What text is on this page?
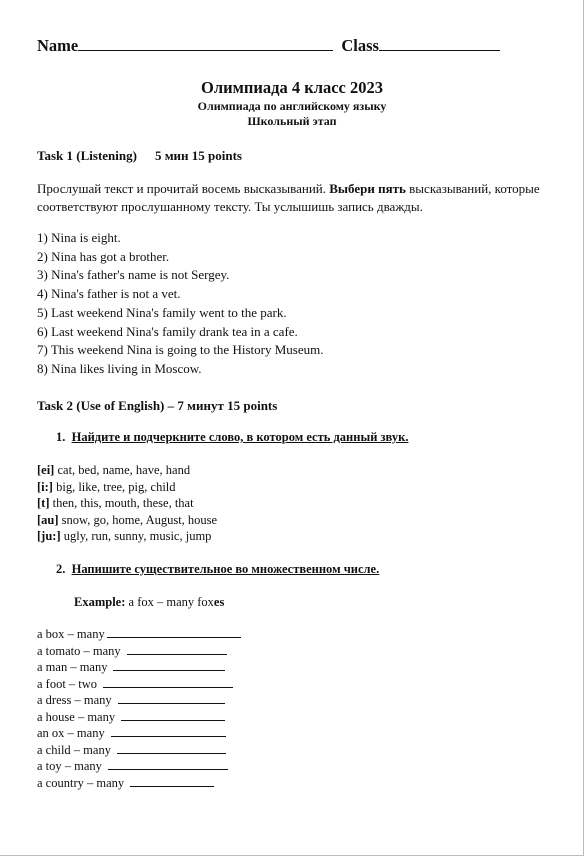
Name	Class
Олимпиада 4 класс 2023
Олимпиада по английскому языку
Школьный этап
Task 1 (Listening) 5 мин 15 points
Прослушай текст и прочитай восемь высказываний. Выбери пять высказываний, которые соответствуют прослушанному тексту. Ты услышишь запись дважды.
1) Nina is eight.
2) Nina has got a brother.
3) Nina's father's name is not Sergey.
4) Nina's father is not a vet.
5) Last weekend Nina's family went to the park.
6) Last weekend Nina's family drank tea in a cafe.
7) This weekend Nina is going to the History Museum.
8) Nina likes living in Moscow.
Task 2 (Use of English) – 7 минут 15 points
1. Найдите и подчеркните слово, в котором есть данный звук.
[ei] cat, bed, name, have, hand
[i:] big, like, tree, pig, child
[t] then, this, mouth, these, that
[au] snow, go, home, August, house
[ju:] ugly, run, sunny, music, jump
2. Напишите существительное во множественном числе.
Example: a fox – many foxes
a box – many
a tomato – many
a man – many
a foot – two
a dress – many
a house – many
an ox – many
a child – many
a toy – many
a country – many
